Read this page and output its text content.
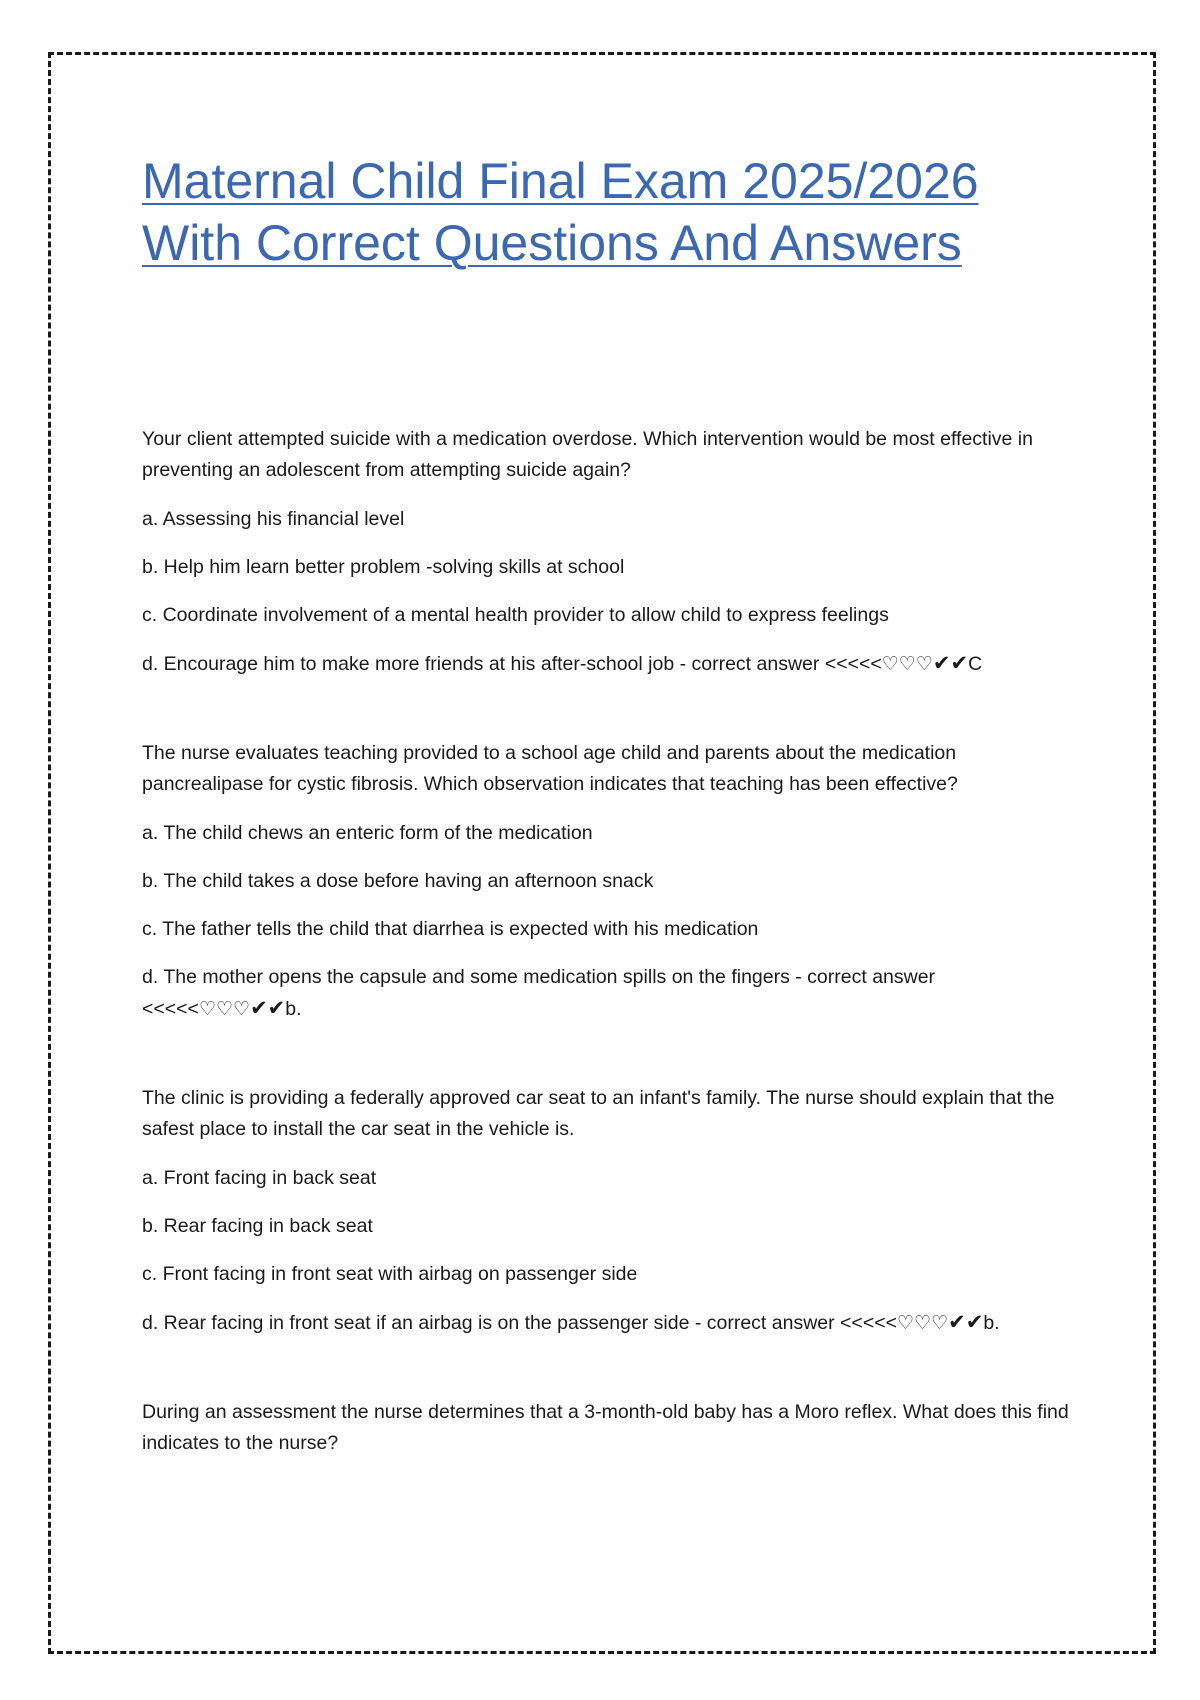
Maternal Child Final Exam 2025/2026
With Correct Questions And Answers

Your client attempted suicide with a medication overdose. Which intervention would be most effective in preventing an adolescent from attempting suicide again?

a. Assessing his financial level

b. Help him learn better problem -solving skills at school

c. Coordinate involvement of a mental health provider to allow child to express feelings

d. Encourage him to make more friends at his after-school job - correct answer <<<<<♡♡♡✔✔C

The nurse evaluates teaching provided to a school age child and parents about the medication pancrealipase for cystic fibrosis. Which observation indicates that teaching has been effective?

a. The child chews an enteric form of the medication

b. The child takes a dose before having an afternoon snack

c. The father tells the child that diarrhea is expected with his medication

d. The mother opens the capsule and some medication spills on the fingers - correct answer <<<<<♡♡♡✔✔b.

The clinic is providing a federally approved car seat to an infant's family. The nurse should explain that the safest place to install the car seat in the vehicle is.

a. Front facing in back seat

b. Rear facing in back seat

c. Front facing in front seat with airbag on passenger side

d. Rear facing in front seat if an airbag is on the passenger side - correct answer <<<<<♡♡♡✔✔b.

During an assessment the nurse determines that a 3-month-old baby has a Moro reflex. What does this find indicates to the nurse?
